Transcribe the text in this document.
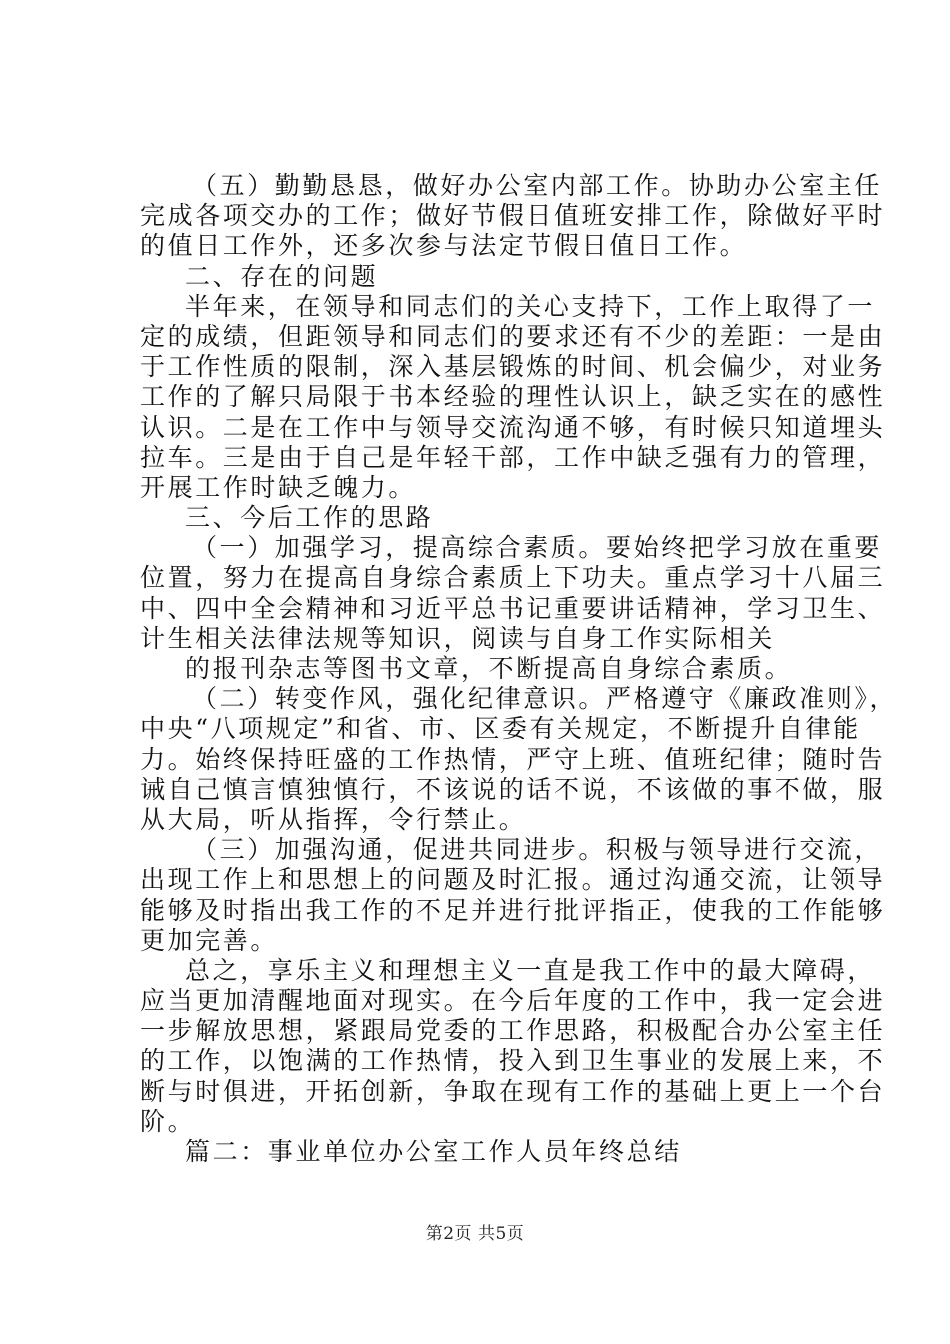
（五）勤勤恳恳，做好办公室内部工作。协助办公室主任
完成各项交办的工作；做好节假日值班安排工作，除做好平时
的值日工作外，还多次参与法定节假日值日工作。
二、存在的问题
半年来，在领导和同志们的关心支持下，工作上取得了一
定的成绩，但距领导和同志们的要求还有不少的差距：一是由
于工作性质的限制，深入基层锻炼的时间、机会偏少，对业务
工作的了解只局限于书本经验的理性认识上，缺乏实在的感性
认识。二是在工作中与领导交流沟通不够，有时候只知道埋头
拉车。三是由于自己是年轻干部，工作中缺乏强有力的管理，
开展工作时缺乏魄力。
三、今后工作的思路
（一）加强学习，提高综合素质。要始终把学习放在重要
位置，努力在提高自身综合素质上下功夫。重点学习十八届三
中、四中全会精神和习近平总书记重要讲话精神，学习卫生、
计生相关法律法规等知识，阅读与自身工作实际相关
的报刊杂志等图书文章，不断提高自身综合素质。
（二）转变作风，强化纪律意识。严格遵守《廉政准则》，
中央“八项规定”和省、市、区委有关规定，不断提升自律能
力。始终保持旺盛的工作热情，严守上班、值班纪律；随时告
诫自己慎言慎独慎行，不该说的话不说，不该做的事不做，服
从大局，听从指挥，令行禁止。
（三）加强沟通，促进共同进步。积极与领导进行交流，
出现工作上和思想上的问题及时汇报。通过沟通交流，让领导
能够及时指出我工作的不足并进行批评指正，使我的工作能够
更加完善。
总之，享乐主义和理想主义一直是我工作中的最大障碍，
应当更加清醒地面对现实。在今后年度的工作中，我一定会进
一步解放思想，紧跟局党委的工作思路，积极配合办公室主任
的工作，以饱满的工作热情，投入到卫生事业的发展上来，不
断与时俱进，开拓创新，争取在现有工作的基础上更上一个台
阶。
篇二：事业单位办公室工作人员年终总结
第2页 共5页
